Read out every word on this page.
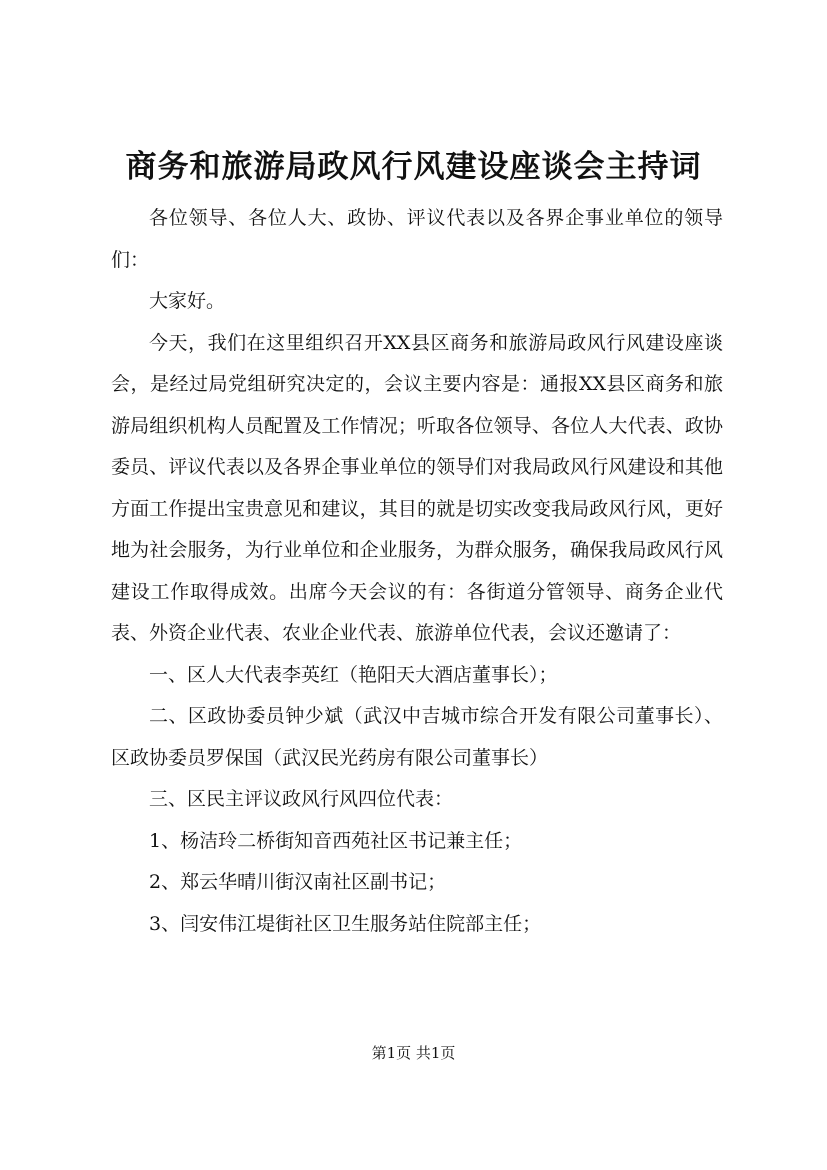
商务和旅游局政风行风建设座谈会主持词

各位领导、各位人大、政协、评议代表以及各界企事业单位的领导们：

大家好。

今天，我们在这里组织召开XX县区商务和旅游局政风行风建设座谈会，是经过局党组研究决定的，会议主要内容是：通报XX县区商务和旅游局组织机构人员配置及工作情况；听取各位领导、各位人大代表、政协委员、评议代表以及各界企事业单位的领导们对我局政风行风建设和其他方面工作提出宝贵意见和建议，其目的就是切实改变我局政风行风，更好地为社会服务，为行业单位和企业服务，为群众服务，确保我局政风行风建设工作取得成效。出席今天会议的有：各街道分管领导、商务企业代表、外资企业代表、农业企业代表、旅游单位代表，会议还邀请了：

一、区人大代表李英红（艳阳天大酒店董事长）；

二、区政协委员钟少斌（武汉中吉城市综合开发有限公司董事长）、区政协委员罗保国（武汉民光药房有限公司董事长）

三、区民主评议政风行风四位代表：

1、杨洁玲二桥街知音西苑社区书记兼主任；

2、郑云华晴川街汉南社区副书记；

3、闫安伟江堤街社区卫生服务站住院部主任；

第1页 共1页
